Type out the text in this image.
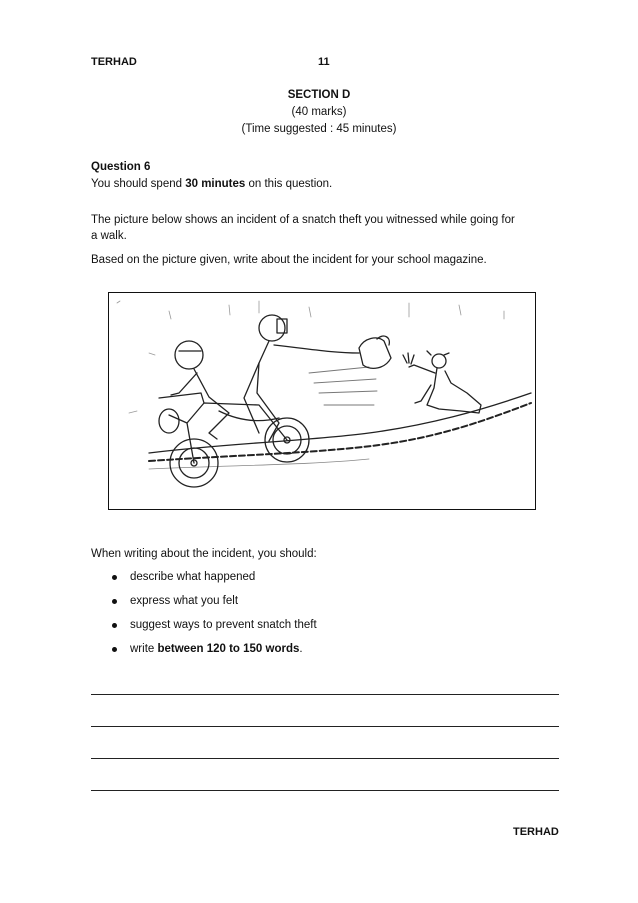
TERHAD	11
SECTION D
(40 marks)
(Time suggested : 45 minutes)
Question 6
You should spend 30 minutes on this question.
The picture below shows an incident of a snatch theft you witnessed while going for
a walk.
Based on the picture given, write about the incident for your school magazine.
When writing about the incident, you should:
describe what happened
express what you felt
suggest ways to prevent snatch theft
write between 120 to 150 words.
TERHAD
